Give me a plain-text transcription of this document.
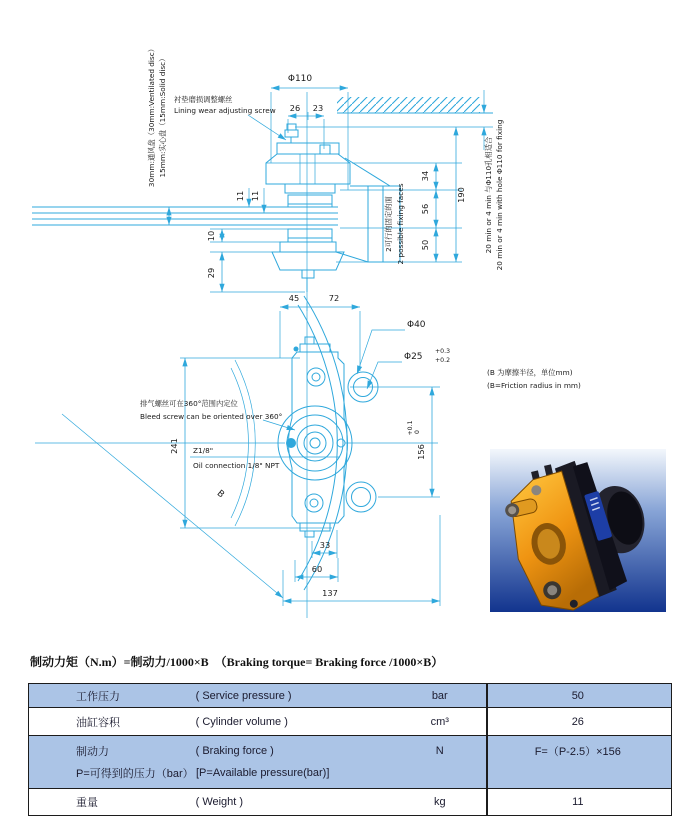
Φ110
26 23
34
56
50
190
11 11
10
29
衬垫磨损调整螺丝
Lining wear adjusting screw
30mm:通风盘（30mm:Ventilated disc） 15mm:实心盘（15mm:Solid disc）
2可行的固定的面 2 possible fixing faces	20 min or 4 min 与Φ110孔相适合 20 min or 4 min with hole Φ110 for fixing
45	72
Φ40
Φ25
+0.3
+0.2
156
+0.1 0
241
B
排气螺丝可在360°范围内定位
Bleed screw can be oriented over 360°
Z1/8"
Oil connection 1/8" NPT
33
60
137
(B 为摩擦半径，单位mm)
(B=Friction radius in mm)
制动力矩（N.m）=制动力/1000×B　（Braking torque= Braking force /1000×B）
工作压力	( Service pressure )	bar	50
油缸容积	( Cylinder volume )	cm³	26
制动力	( Braking force )	N	F=（P-2.5）×156
P=可得到的压力（bar） [P=Available pressure(bar)]
重量	( Weight )	kg	11
